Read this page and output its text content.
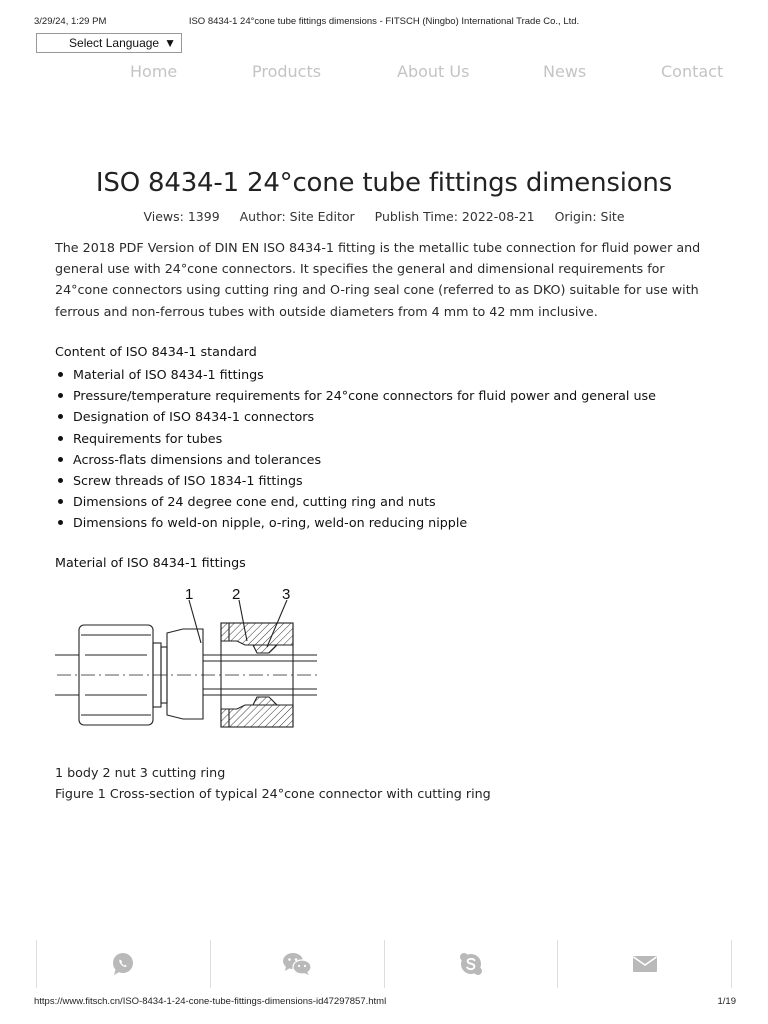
3/29/24, 1:29 PM	ISO 8434-1 24°cone tube fittings dimensions - FITSCH (Ningbo) International Trade Co., Ltd.
Select Language ▼
Home	Products	About Us	News	Contact
ISO 8434-1 24°cone tube fittings dimensions
Views: 1399 Author: Site Editor Publish Time: 2022-08-21 Origin: Site

The 2018 PDF Version of DIN EN ISO 8434-1 fitting is the metallic tube connection for fluid power and general use with 24°cone connectors. It specifies the general and dimensional requirements for 24°cone connectors using cutting ring and O-ring seal cone (referred to as DKO) suitable for use with ferrous and non-ferrous tubes with outside diameters from 4 mm to 42 mm inclusive.

Content of ISO 8434-1 standard
Material of ISO 8434-1 fittings
Pressure/temperature requirements for 24°cone connectors for fluid power and general use
Designation of ISO 8434-1 connectors
Requirements for tubes
Across-flats dimensions and tolerances
Screw threads of ISO 1834-1 fittings
Dimensions of 24 degree cone end, cutting ring and nuts
Dimensions fo weld-on nipple, o-ring, weld-on reducing nipple
Material of ISO 8434-1 fittings
1	2	3
1 body 2 nut 3 cutting ring
Figure 1 Cross-section of typical 24°cone connector with cutting ring
https://www.fitsch.cn/ISO-8434-1-24-cone-tube-fittings-dimensions-id47297857.html	1/19
